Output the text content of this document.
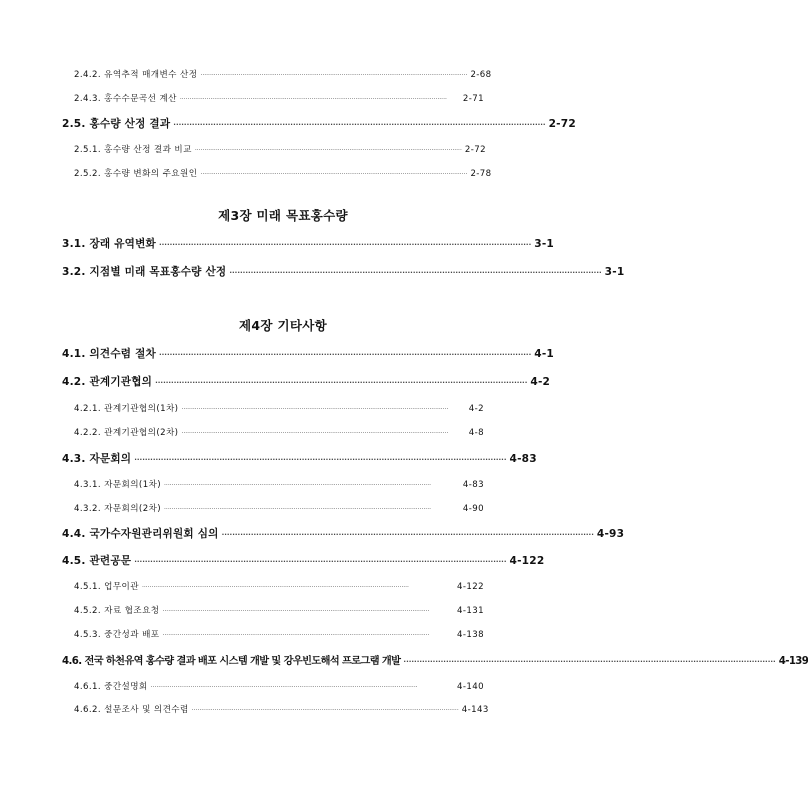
2.4.2. 유역추적 매개변수 산정 ············································································································································ 2-68
2.4.3. 홍수수문곡선 계산 ············································································································································	2-71
2.5. 홍수량 산정 결과 ············································································································································ 2-72
2.5.1. 홍수량 산정 결과 비교 ············································································································································ 2-72
2.5.2. 홍수량 변화의 주요원인 ············································································································································ 2-78
제3장 미래 목표홍수량
3.1. 장래 유역변화 ············································································································································ 3-1
3.2. 지점별 미래 목표홍수량 산정 ············································································································································ 3-1
제4장 기타사항
4.1. 의견수렴 절차 ············································································································································ 4-1
4.2. 관계기관협의 ············································································································································ 4-2
4.2.1. 관계기관협의(1차) ············································································································································	4-2
4.2.2. 관계기관협의(2차) ············································································································································	4-8
4.3. 자문회의 ············································································································································ 4-83
4.3.1. 자문회의(1차) ············································································································································	4-83
4.3.2. 자문회의(2차) ············································································································································	4-90
4.4. 국가수자원관리위원회 심의 ············································································································································ 4-93
4.5. 관련공문 ············································································································································ 4-122
4.5.1. 업무이관 ············································································································································	4-122
4.5.2. 자료 협조요청 ············································································································································	4-131
4.5.3. 중간성과 배포 ············································································································································	4-138
4.6. 전국 하천유역 홍수량 결과 배포 시스템 개발 및 강우빈도해석 프로그램 개발 ············································································································································ 4-139
4.6.1. 중간설명회 ············································································································································	4-140
4.6.2. 설문조사 및 의견수렴 ············································································································································ 4-143
